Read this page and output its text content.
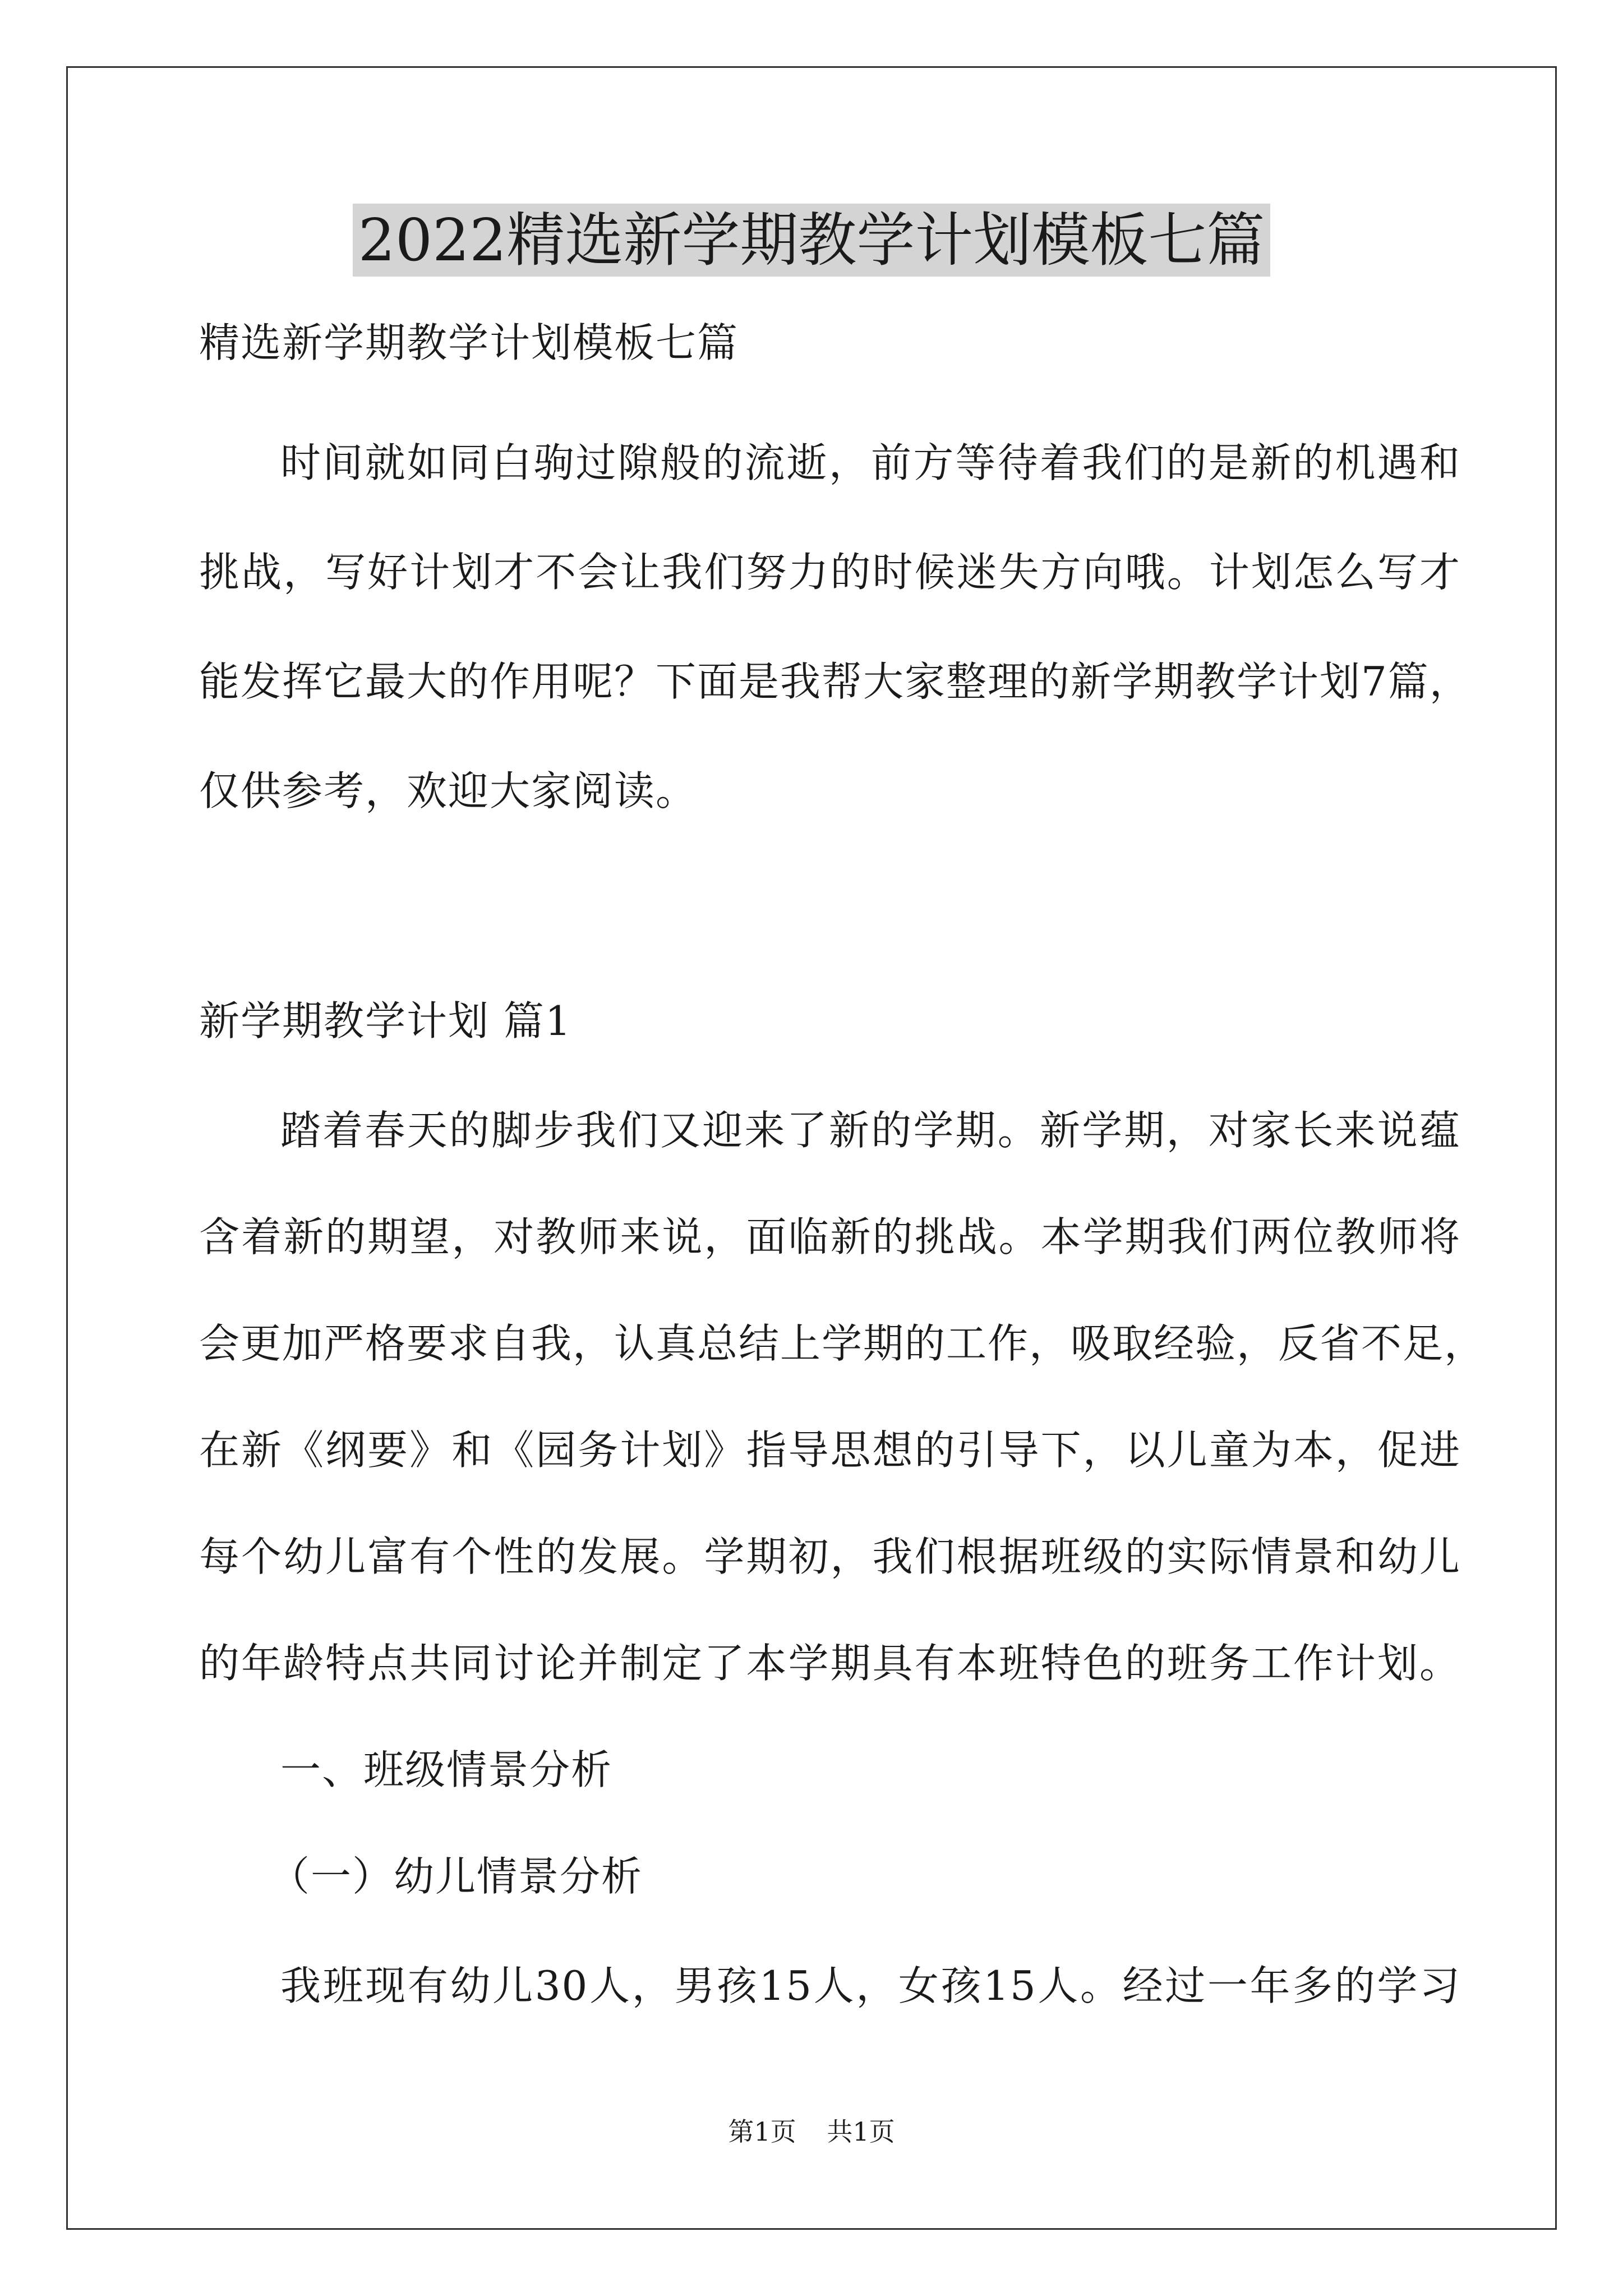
2022精选新学期教学计划模板七篇
精选新学期教学计划模板七篇
时间就如同白驹过隙般的流逝，前方等待着我们的是新的机遇和
挑战，写好计划才不会让我们努力的时候迷失方向哦。计划怎么写才
能发挥它最大的作用呢？下面是我帮大家整理的新学期教学计划7篇，
仅供参考，欢迎大家阅读。
新学期教学计划 篇1
踏着春天的脚步我们又迎来了新的学期。新学期，对家长来说蕴
含着新的期望，对教师来说，面临新的挑战。本学期我们两位教师将
会更加严格要求自我，认真总结上学期的工作，吸取经验，反省不足，
在新《纲要》和《园务计划》指导思想的引导下，以儿童为本，促进
每个幼儿富有个性的发展。学期初，我们根据班级的实际情景和幼儿
的年龄特点共同讨论并制定了本学期具有本班特色的班务工作计划。
一、班级情景分析
（一）幼儿情景分析
我班现有幼儿30人，男孩15人，女孩15人。经过一年多的学习
第1页 共1页
